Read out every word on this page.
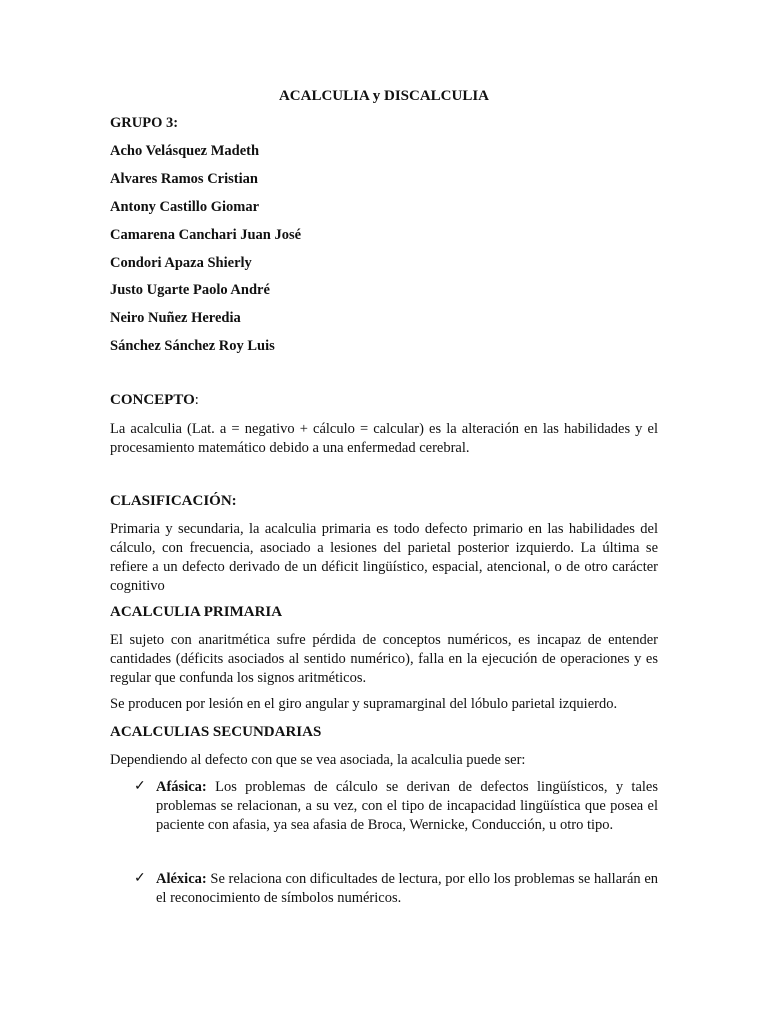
ACALCULIA y DISCALCULIA
GRUPO 3:
Acho Velásquez Madeth
Alvares Ramos Cristian
Antony Castillo Giomar
Camarena Canchari Juan José
Condori Apaza Shierly
Justo Ugarte Paolo André
Neiro Nuñez Heredia
Sánchez Sánchez Roy Luis
CONCEPTO:

La acalculia (Lat. a = negativo + cálculo = calcular) es la alteración en las habilidades y el procesamiento matemático debido a una enfermedad cerebral.

CLASIFICACIÓN:

Primaria y secundaria, la acalculia primaria es todo defecto primario en las habilidades del cálculo, con frecuencia, asociado a lesiones del parietal posterior izquierdo. La última se refiere a un defecto derivado de un déficit lingüístico, espacial, atencional, o de otro carácter cognitivo

ACALCULIA PRIMARIA

El sujeto con anaritmética sufre pérdida de conceptos numéricos, es incapaz de entender cantidades (déficits asociados al sentido numérico), falla en la ejecución de operaciones y es regular que confunda los signos aritméticos.

Se producen por lesión en el giro angular y supramarginal del lóbulo parietal izquierdo.

ACALCULIAS SECUNDARIAS

Dependiendo al defecto con que se vea asociada, la acalculia puede ser:

✓ Afásica: Los problemas de cálculo se derivan de defectos lingüísticos, y tales problemas se relacionan, a su vez, con el tipo de incapacidad lingüística que posea el paciente con afasia, ya sea afasia de Broca, Wernicke, Conducción, u otro tipo.

✓ Aléxica: Se relaciona con dificultades de lectura, por ello los problemas se hallarán en el reconocimiento de símbolos numéricos.
